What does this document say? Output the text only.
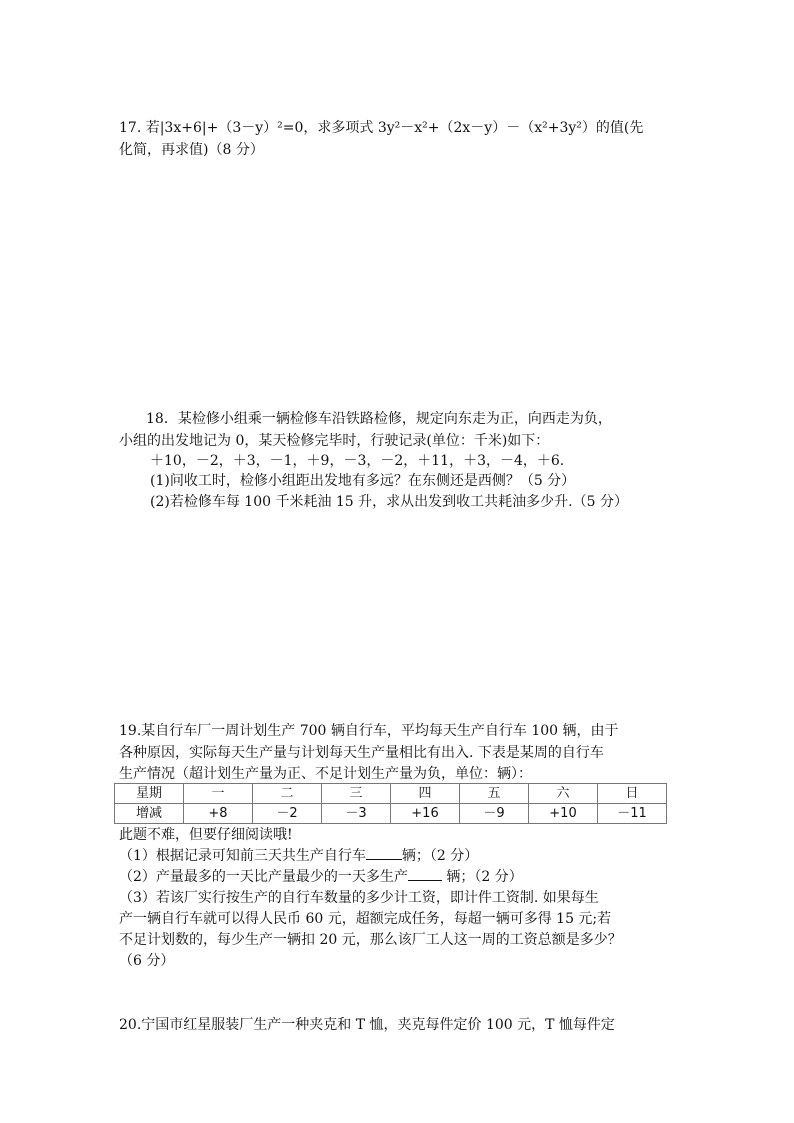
17. 若|3x+6|+（3－y）²=0，求多项式 3y²－x²+（2x－y）－（x²+3y²）的值(先
化简，再求值)（8 分）
18．某检修小组乘一辆检修车沿铁路检修，规定向东走为正，向西走为负，
小组的出发地记为 0，某天检修完毕时，行驶记录(单位：千米)如下：
＋10，－2，＋3，－1，＋9，－3，－2，＋11，＋3，－4，＋6.
(1)问收工时，检修小组距出发地有多远？在东侧还是西侧？（5 分）
(2)若检修车每 100 千米耗油 15 升，求从出发到收工共耗油多少升.（5 分）
19.某自行车厂一周计划生产 700 辆自行车，平均每天生产自行车 100 辆，由于
各种原因，实际每天生产量与计划每天生产量相比有出入. 下表是某周的自行车
生产情况（超计划生产量为正、不足计划生产量为负，单位：辆）：
星期	一	二	三	四	五	六	日
增减	+8	－2	－3	+16	－9	+10	－11
此题不难，但要仔细阅读哦!
（1）根据记录可知前三天共生产自行车	辆；（2 分）
（2）产量最多的一天比产量最少的一天多生产 辆；（2 分）
（3）若该厂实行按生产的自行车数量的多少计工资，即计件工资制. 如果每生
产一辆自行车就可以得人民币 60 元，超额完成任务，每超一辆可多得 15 元;若
不足计划数的，每少生产一辆扣 20 元，那么该厂工人这一周的工资总额是多少？
（6 分）
20.宁国市红星服装厂生产一种夹克和 T 恤，夹克每件定价 100 元，T 恤每件定
